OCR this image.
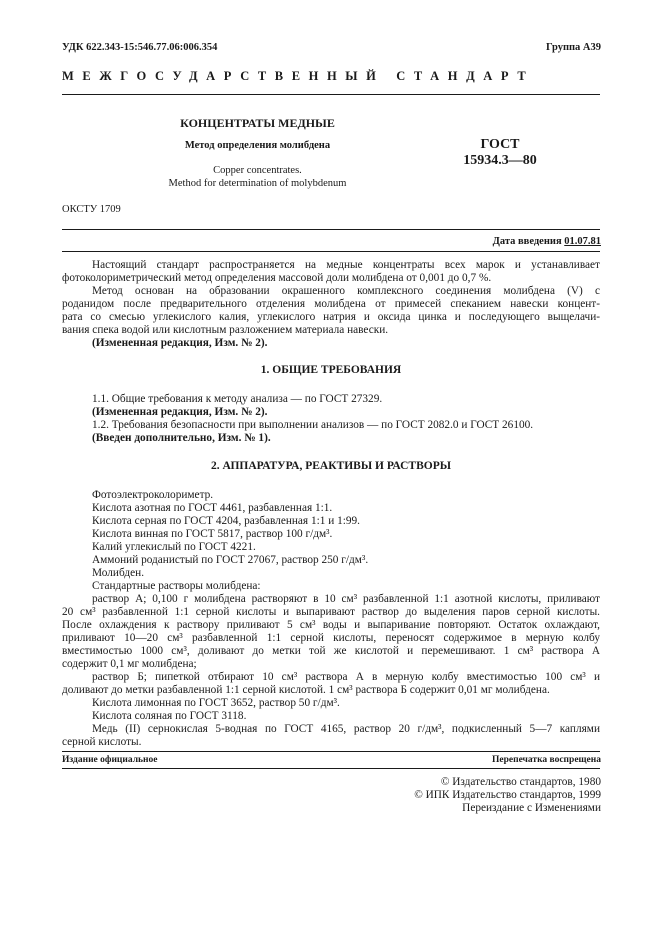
УДК 622.343-15:546.77.06:006.354	Группа А39
МЕЖГОСУДАРСТВЕННЫЙ СТАНДАРТ
КОНЦЕНТРАТЫ МЕДНЫЕ
Метод определения молибдена
Copper concentrates.
Method for determination of molybdenum
ГОСТ
15934.3—80
ОКСТУ 1709
Дата введения 01.07.81
Настоящий стандарт распространяется на медные концентраты всех марок и устанавливает
фотоколориметрический метод определения массовой доли молибдена от 0,001 до 0,7 %.
Метод основан на образовании окрашенного комплексного соединения молибдена (V) с
роданидом после предварительного отделения молибдена от примесей спеканием навески концент-
рата со смесью углекислого калия, углекислого натрия и оксида цинка и последующего выщелачи-
вания спека водой или кислотным разложением материала навески.
(Измененная редакция, Изм. № 2).
1. ОБЩИЕ ТРЕБОВАНИЯ
1.1. Общие требования к методу анализа — по ГОСТ 27329.
(Измененная редакция, Изм. № 2).
1.2. Требования безопасности при выполнении анализов — по ГОСТ 2082.0 и ГОСТ 26100.
(Введен дополнительно, Изм. № 1).
2. АППАРАТУРА, РЕАКТИВЫ И РАСТВОРЫ
Фотоэлектроколориметр.
Кислота азотная по ГОСТ 4461, разбавленная 1:1.
Кислота серная по ГОСТ 4204, разбавленная 1:1 и 1:99.
Кислота винная по ГОСТ 5817, раствор 100 г/дм³.
Калий углекислый по ГОСТ 4221.
Аммоний роданистый по ГОСТ 27067, раствор 250 г/дм³.
Молибден.
Стандартные растворы молибдена:
раствор А; 0,100 г молибдена растворяют в 10 см³ разбавленной 1:1 азотной кислоты, приливают
20 см³ разбавленной 1:1 серной кислоты и выпаривают раствор до выделения паров серной кислоты.
После охлаждения к раствору приливают 5 см³ воды и выпаривание повторяют. Остаток охлаждают,
приливают 10—20 см³ разбавленной 1:1 серной кислоты, переносят содержимое в мерную колбу
вместимостью 1000 см³, доливают до метки той же кислотой и перемешивают. 1 см³ раствора А
содержит 0,1 мг молибдена;
раствор Б; пипеткой отбирают 10 см³ раствора А в мерную колбу вместимостью 100 см³ и
доливают до метки разбавленной 1:1 серной кислотой. 1 см³ раствора Б содержит 0,01 мг молибдена.
Кислота лимонная по ГОСТ 3652, раствор 50 г/дм³.
Кислота соляная по ГОСТ 3118.
Медь (II) сернокислая 5-водная по ГОСТ 4165, раствор 20 г/дм³, подкисленный 5—7 каплями
серной кислоты.
Издание официальное	Перепечатка воспрещена
© Издательство стандартов, 1980
© ИПК Издательство стандартов, 1999
Переиздание с Изменениями
